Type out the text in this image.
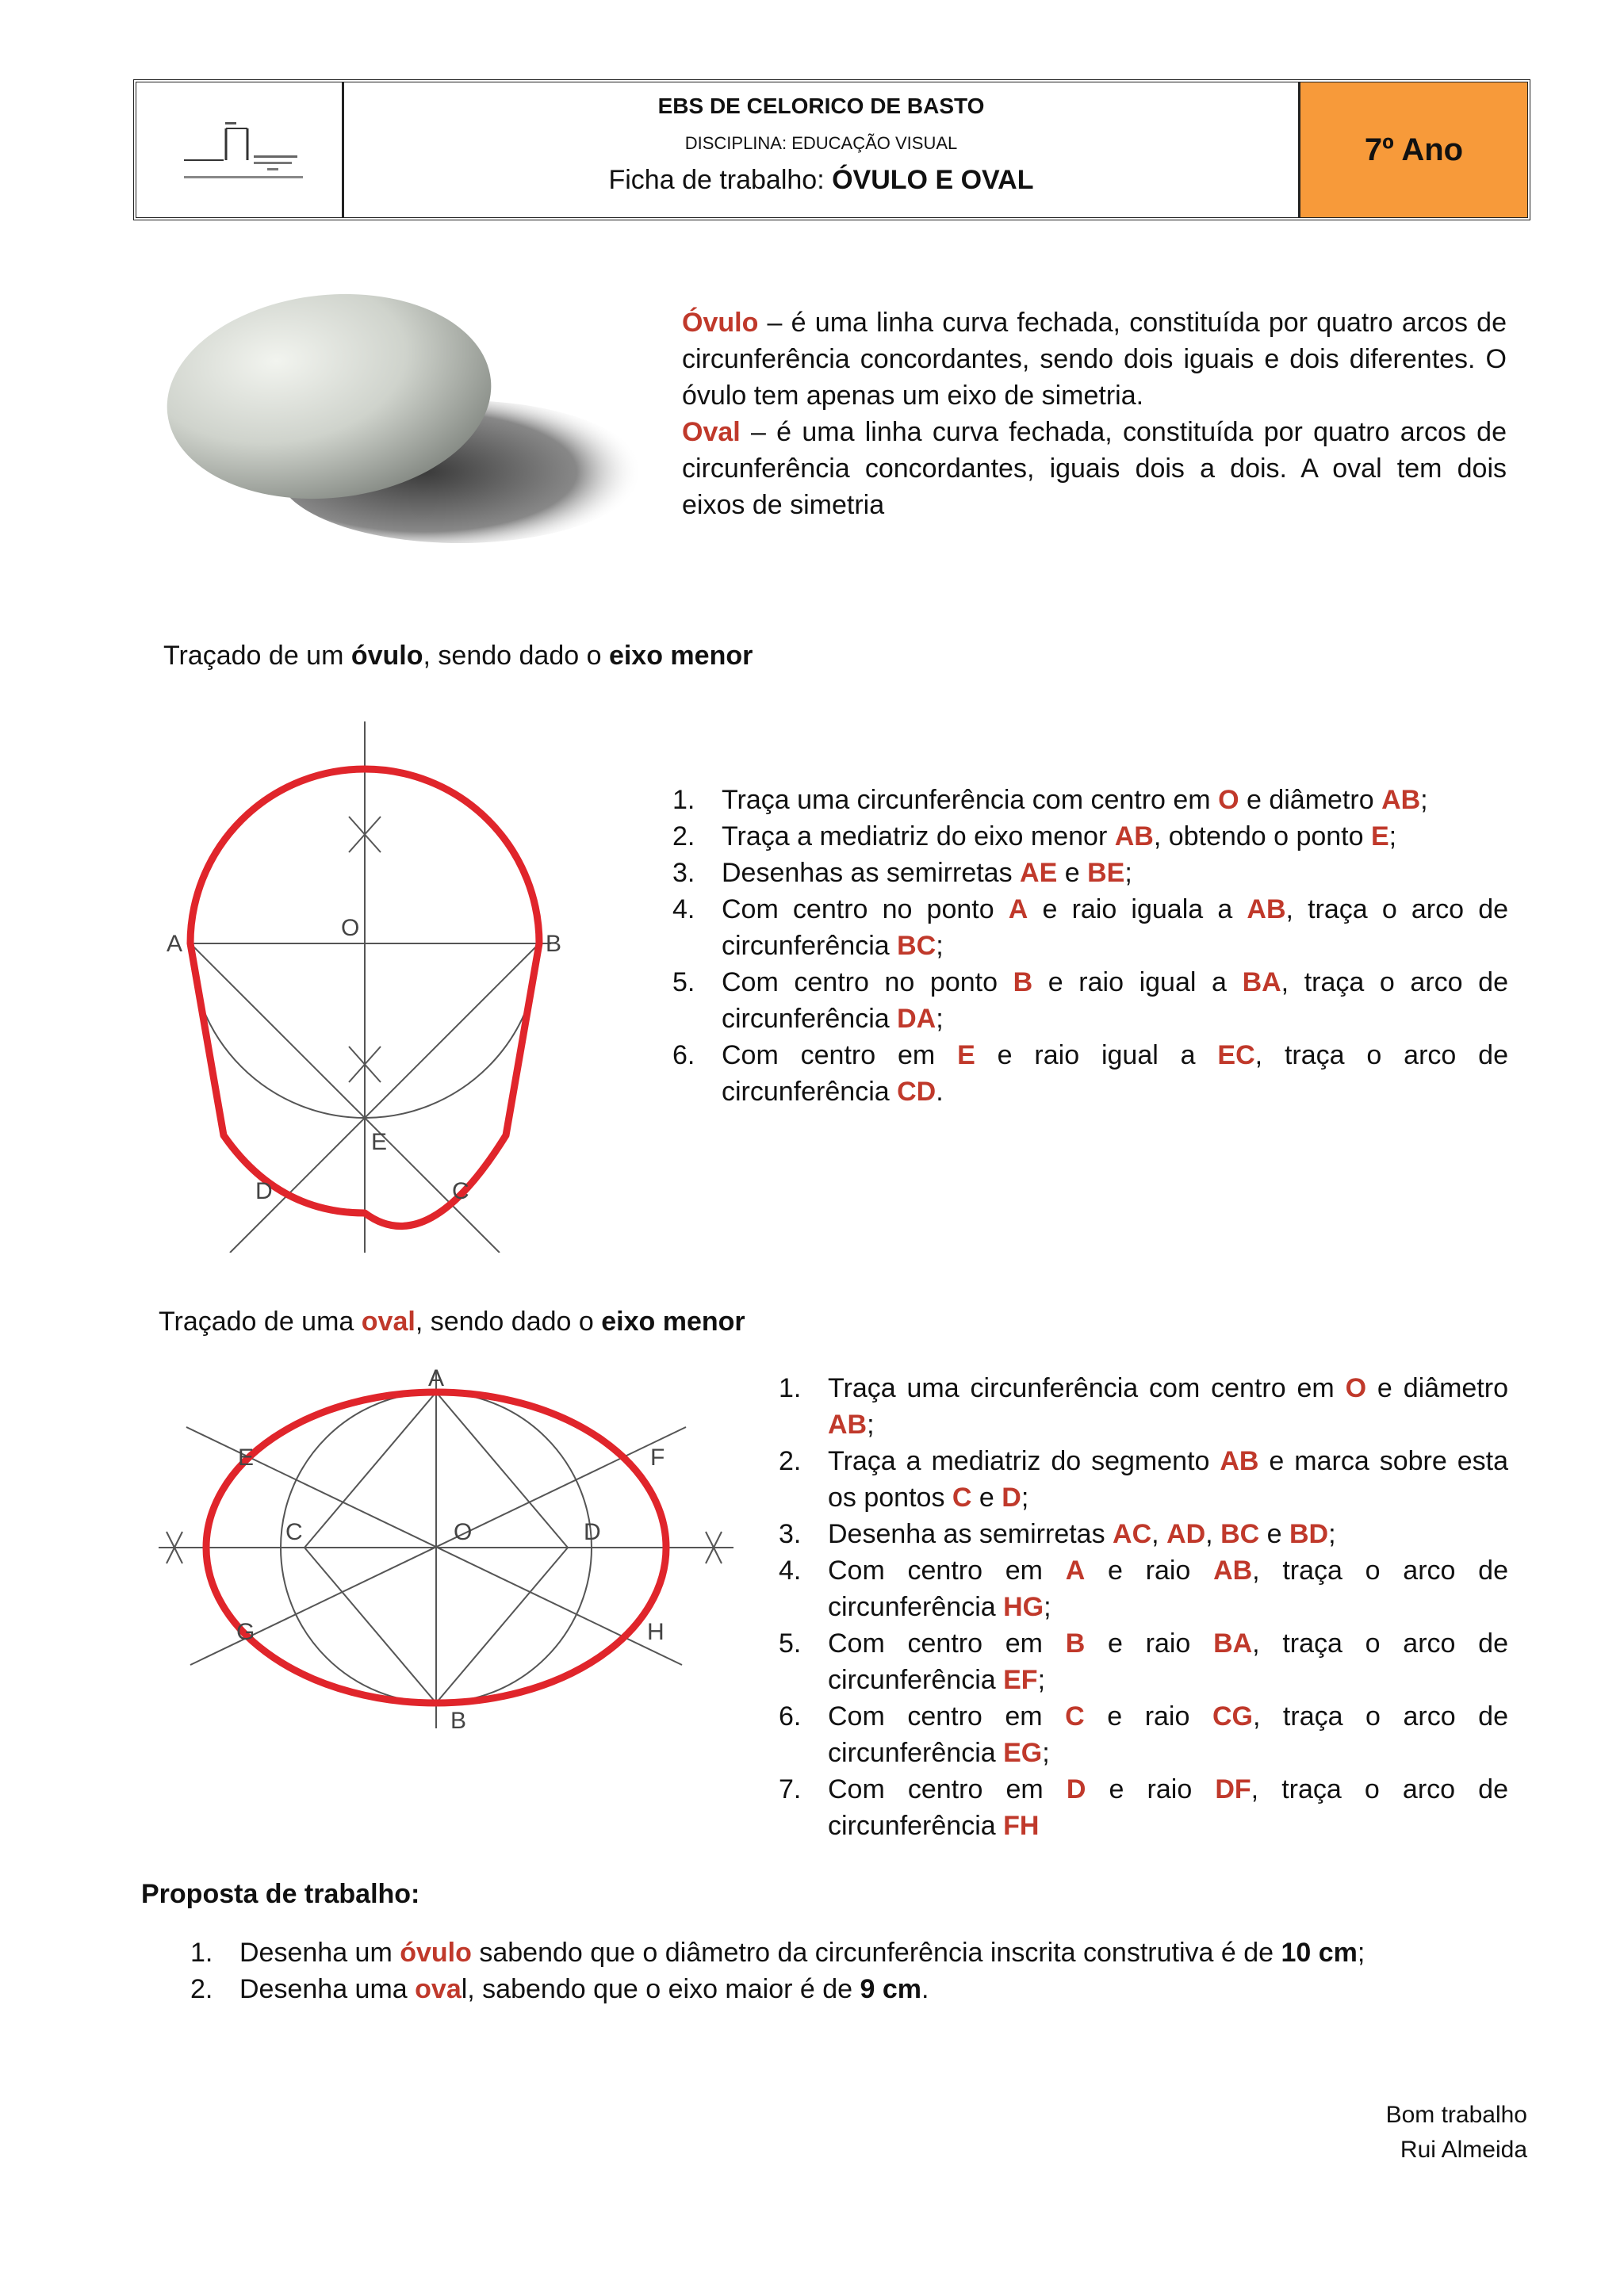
EBS DE CELORICO DE BASTO
DISCIPLINA: EDUCAÇÃO VISUAL
Ficha de trabalho: ÓVULO E OVAL
7º Ano
Óvulo – é uma linha curva fechada, constituída por quatro arcos de circunferência concordantes, sendo dois iguais e dois diferentes. O óvulo tem apenas um eixo de simetria.
Oval – é uma linha curva fechada, constituída por quatro arcos de circunferência concordantes, iguais dois a dois. A oval tem dois eixos de simetria
Traçado de um óvulo, sendo dado o eixo menor
A
O
B
E
D	C
1. Traça uma circunferência com centro em O e diâmetro AB;
2. Traça a mediatriz do eixo menor AB, obtendo o ponto E;
3. Desenhas as semirretas AE e BE;
4. Com centro no ponto A e raio iguala a AB, traça o arco de circunferência BC;
5. Com centro no ponto B e raio igual a BA, traça o arco de circunferência DA;
6. Com centro em E e raio igual a EC, traça o arco de circunferência CD.
Traçado de uma oval, sendo dado o eixo menor
A
E	F
C	O	D
G	H
B
1. Traça uma circunferência com centro em O e diâmetro AB;
2. Traça a mediatriz do segmento AB e marca sobre esta os pontos C e D;
3. Desenha as semirretas AC, AD, BC e BD;
4. Com centro em A e raio AB, traça o arco de circunferência HG;
5. Com centro em B e raio BA, traça o arco de circunferência EF;
6. Com centro em C e raio CG, traça o arco de circunferência EG;
7. Com centro em D e raio DF, traça o arco de circunferência FH
Proposta de trabalho:
1. Desenha um óvulo sabendo que o diâmetro da circunferência inscrita construtiva é de 10 cm;
2. Desenha uma oval, sabendo que o eixo maior é de 9 cm.
Bom trabalho
Rui Almeida
